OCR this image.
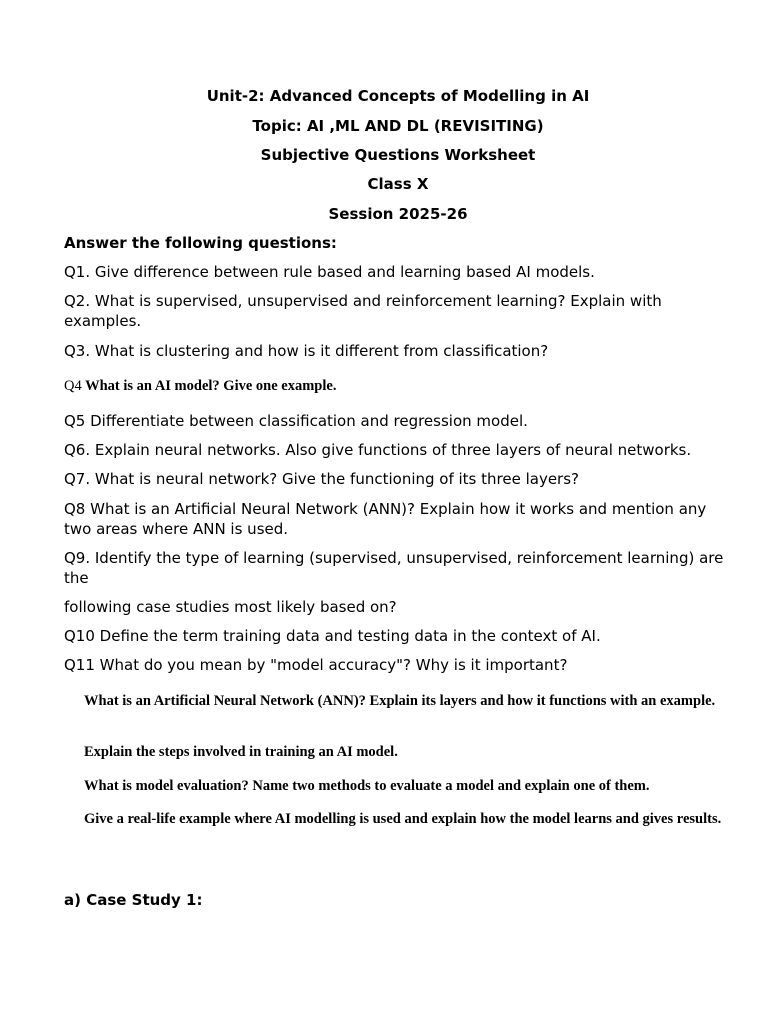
Unit-2: Advanced Concepts of Modelling in AI
Topic: AI ,ML AND DL (REVISITING)
Subjective Questions Worksheet
Class X
Session 2025-26
Answer the following questions:
Q1. Give difference between rule based and learning based AI models.
Q2. What is supervised, unsupervised and reinforcement learning? Explain with examples.
Q3. What is clustering and how is it different from classification?
Q4 What is an AI model? Give one example.
Q5 Differentiate between classification and regression model.
Q6. Explain neural networks. Also give functions of three layers of neural networks.
Q7. What is neural network? Give the functioning of its three layers?
Q8 What is an Artificial Neural Network (ANN)? Explain how it works and mention any two areas where ANN is used.
Q9. Identify the type of learning (supervised, unsupervised, reinforcement learning) are the
following case studies most likely based on?
Q10 Define the term training data and testing data in the context of AI.
Q11 What do you mean by "model accuracy"? Why is it important?
What is an Artificial Neural Network (ANN)? Explain its layers and how it functions with an example.
Explain the steps involved in training an AI model.
What is model evaluation? Name two methods to evaluate a model and explain one of them.
Give a real-life example where AI modelling is used and explain how the model learns and gives results.
a) Case Study 1:
